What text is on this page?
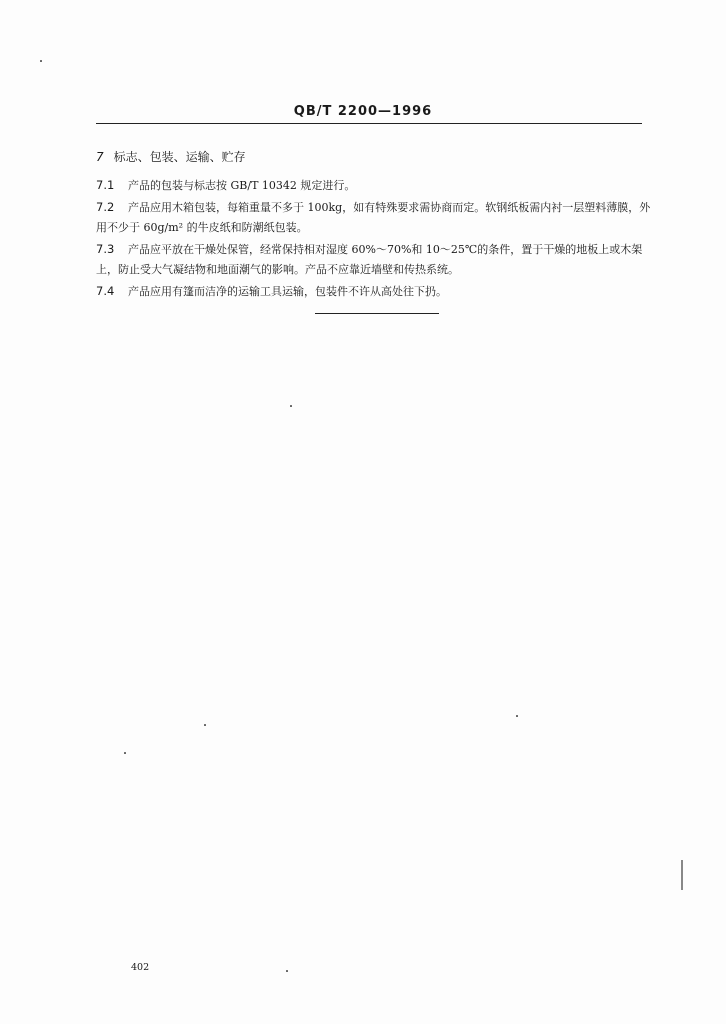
QB/T 2200—1996
7 标志、包装、运输、贮存

7.1 产品的包装与标志按 GB/T 10342 规定进行。

7.2 产品应用木箱包装，每箱重量不多于 100kg，如有特殊要求需协商而定。软钢纸板需内衬一层塑料薄膜，外用不少于 60g/m² 的牛皮纸和防潮纸包装。

7.3 产品应平放在干燥处保管，经常保持相对湿度 60%～70%和 10～25℃的条件，置于干燥的地板上或木架上，防止受大气凝结物和地面潮气的影响。产品不应靠近墙壁和传热系统。

7.4 产品应用有篷而洁净的运输工具运输，包装件不许从高处往下扔。

402
